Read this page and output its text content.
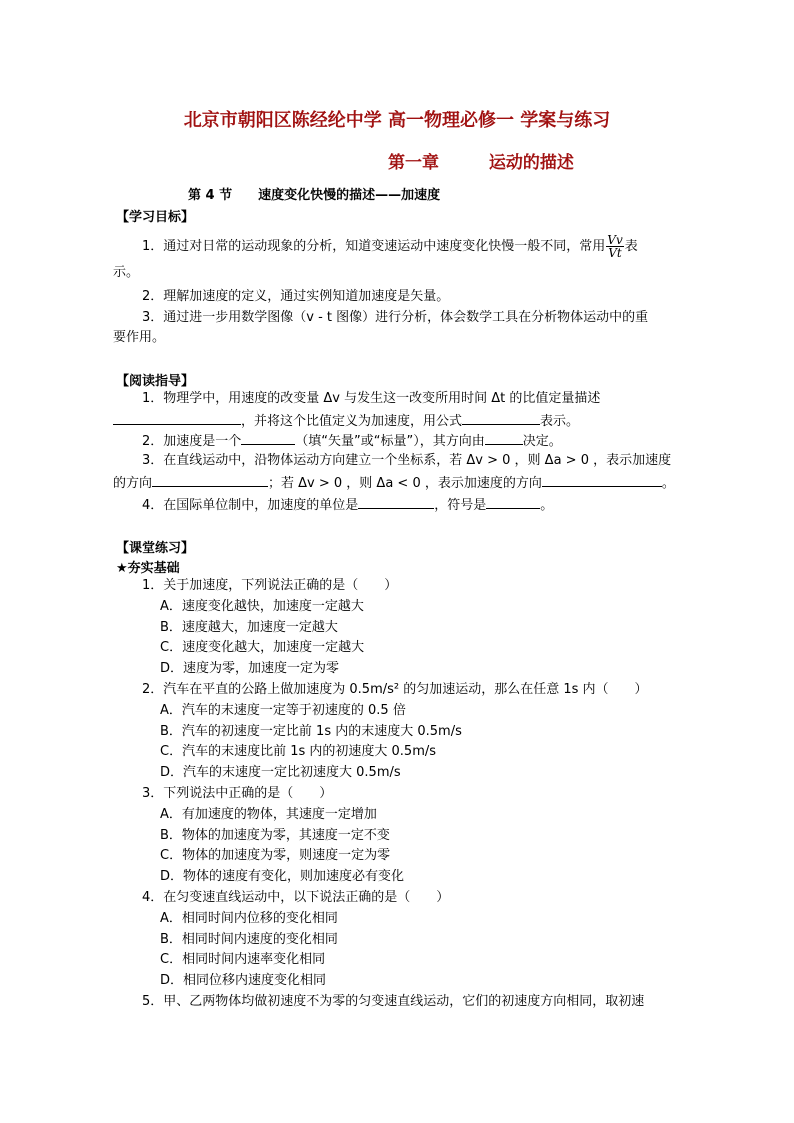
北京市朝阳区陈经纶中学 高一物理必修一 学案与练习
第一章	运动的描述
第 4 节　　速度变化快慢的描述——加速度
【学习目标】
1．通过对日常的运动现象的分析，知道变速运动中速度变化快慢一般不同，常用 $\frac{Vv}{Vt}$ 表
示。
2．理解加速度的定义，通过实例知道加速度是矢量。
3．通过进一步用数学图像（v - t 图像）进行分析，体会数学工具在分析物体运动中的重
要作用。
【阅读指导】
1．物理学中，用速度的改变量 Δv 与发生这一改变所用时间 Δt 的比值定量描述
，并将这个比值定义为加速度，用公式	表示。
2．加速度是一个	（填“矢量”或“标量”），其方向由	决定。
3．在直线运动中，沿物体运动方向建立一个坐标系，若 Δv > 0 ，则 Δa > 0 ，表示加速度
的方向	；若 Δv > 0 ，则 Δa < 0 ，表示加速度的方向	。
4．在国际单位制中，加速度的单位是	，符号是	。
【课堂练习】
★夯实基础
1．关于加速度，下列说法正确的是（　　）
A．速度变化越快，加速度一定越大
B．速度越大，加速度一定越大
C．速度变化越大，加速度一定越大
D．速度为零，加速度一定为零
2．汽车在平直的公路上做加速度为 0.5m/s² 的匀加速运动，那么在任意 1s 内（　　）
A．汽车的末速度一定等于初速度的 0.5 倍
B．汽车的初速度一定比前 1s 内的末速度大 0.5m/s
C．汽车的末速度比前 1s 内的初速度大 0.5m/s
D．汽车的末速度一定比初速度大 0.5m/s
3．下列说法中正确的是（　　）
A．有加速度的物体，其速度一定增加
B．物体的加速度为零，其速度一定不变
C．物体的加速度为零，则速度一定为零
D．物体的速度有变化，则加速度必有变化
4．在匀变速直线运动中，以下说法正确的是（　　）
A．相同时间内位移的变化相同
B．相同时间内速度的变化相同
C．相同时间内速率变化相同
D．相同位移内速度变化相同
5．甲、乙两物体均做初速度不为零的匀变速直线运动，它们的初速度方向相同，取初速
